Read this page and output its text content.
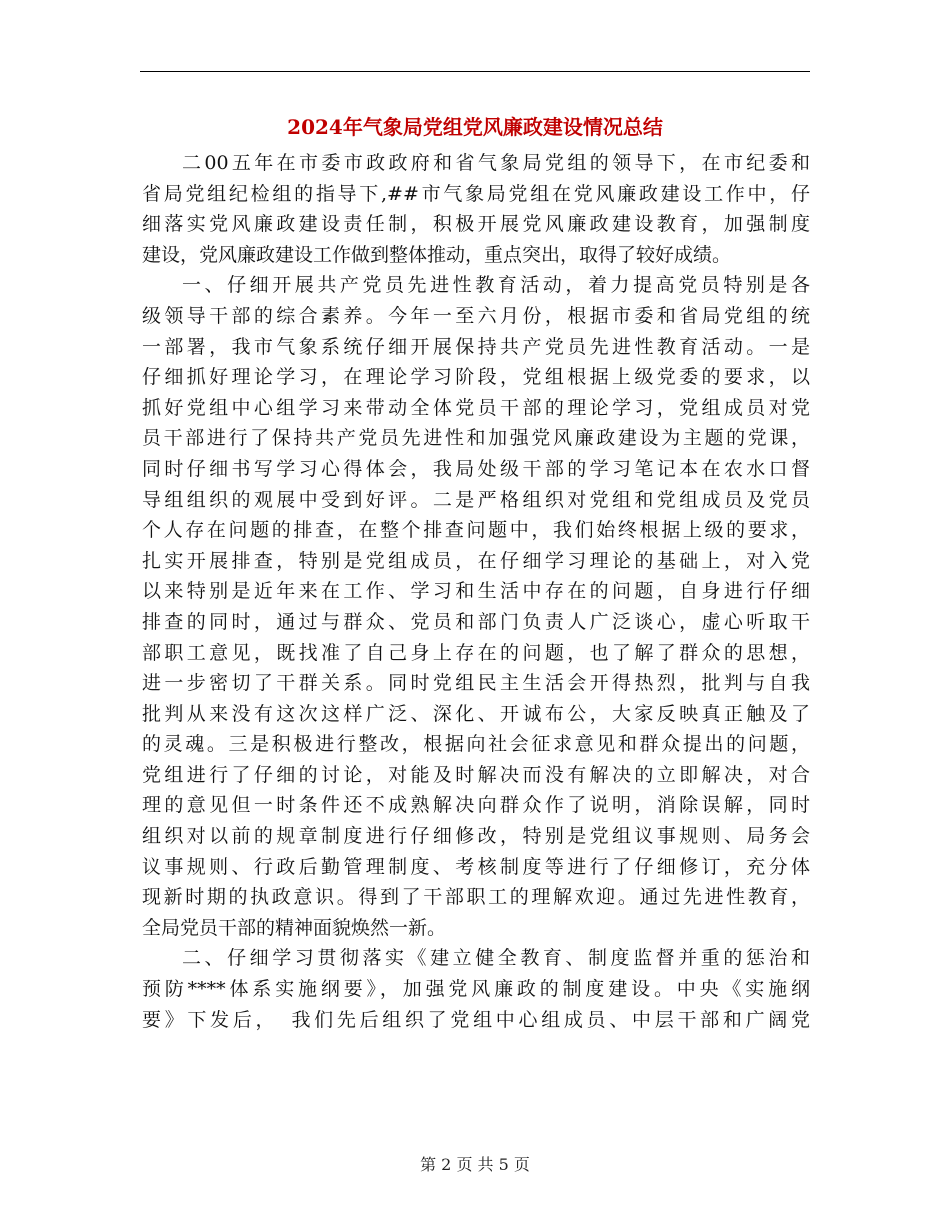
2024年气象局党组党风廉政建设情况总结
二00五年在市委市政政府和省气象局党组的领导下，在市纪委和
省局党组纪检组的指导下,##市气象局党组在党风廉政建设工作中，仔
细落实党风廉政建设责任制，积极开展党风廉政建设教育，加强制度
建设，党风廉政建设工作做到整体推动，重点突出，取得了较好成绩。
一、仔细开展共产党员先进性教育活动，着力提高党员特别是各
级领导干部的综合素养。今年一至六月份，根据市委和省局党组的统
一部署，我市气象系统仔细开展保持共产党员先进性教育活动。一是
仔细抓好理论学习，在理论学习阶段，党组根据上级党委的要求，以
抓好党组中心组学习来带动全体党员干部的理论学习，党组成员对党
员干部进行了保持共产党员先进性和加强党风廉政建设为主题的党课，
同时仔细书写学习心得体会，我局处级干部的学习笔记本在农水口督
导组组织的观展中受到好评。二是严格组织对党组和党组成员及党员
个人存在问题的排查，在整个排查问题中，我们始终根据上级的要求，
扎实开展排查，特别是党组成员，在仔细学习理论的基础上，对入党
以来特别是近年来在工作、学习和生活中存在的问题，自身进行仔细
排查的同时，通过与群众、党员和部门负责人广泛谈心，虚心听取干
部职工意见，既找准了自己身上存在的问题，也了解了群众的思想，
进一步密切了干群关系。同时党组民主生活会开得热烈，批判与自我
批判从来没有这次这样广泛、深化、开诚布公，大家反映真正触及了
的灵魂。三是积极进行整改，根据向社会征求意见和群众提出的问题，
党组进行了仔细的讨论，对能及时解决而没有解决的立即解决，对合
理的意见但一时条件还不成熟解决向群众作了说明，消除误解，同时
组织对以前的规章制度进行仔细修改，特别是党组议事规则、局务会
议事规则、行政后勤管理制度、考核制度等进行了仔细修订，充分体
现新时期的执政意识。得到了干部职工的理解欢迎。通过先进性教育，
全局党员干部的精神面貌焕然一新。
二、仔细学习贯彻落实《建立健全教育、制度监督并重的惩治和
预防****体系实施纲要》，加强党风廉政的制度建设。中央《实施纲
要》下发后，　我们先后组织了党组中心组成员、中层干部和广阔党
第 2 页 共 5 页
